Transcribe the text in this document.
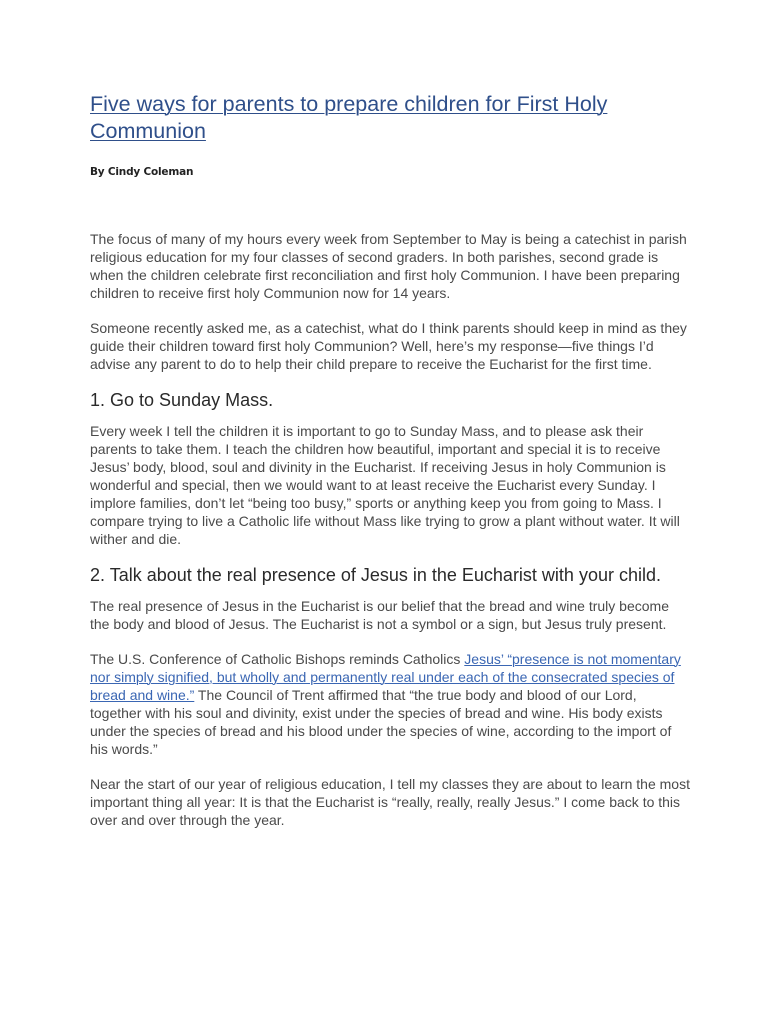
Five ways for parents to prepare children for First Holy Communion
By Cindy Coleman

The focus of many of my hours every week from September to May is being a catechist in parish religious education for my four classes of second graders. In both parishes, second grade is when the children celebrate first reconciliation and first holy Communion. I have been preparing children to receive first holy Communion now for 14 years.

Someone recently asked me, as a catechist, what do I think parents should keep in mind as they guide their children toward first holy Communion? Well, here’s my response—five things I’d advise any parent to do to help their child prepare to receive the Eucharist for the first time.

1. Go to Sunday Mass.

Every week I tell the children it is important to go to Sunday Mass, and to please ask their parents to take them. I teach the children how beautiful, important and special it is to receive Jesus’ body, blood, soul and divinity in the Eucharist. If receiving Jesus in holy Communion is wonderful and special, then we would want to at least receive the Eucharist every Sunday. I implore families, don’t let “being too busy,” sports or anything keep you from going to Mass. I compare trying to live a Catholic life without Mass like trying to grow a plant without water. It will wither and die.

2. Talk about the real presence of Jesus in the Eucharist with your child.

The real presence of Jesus in the Eucharist is our belief that the bread and wine truly become the body and blood of Jesus. The Eucharist is not a symbol or a sign, but Jesus truly present.

The U.S. Conference of Catholic Bishops reminds Catholics Jesus’ “presence is not momentary nor simply signified, but wholly and permanently real under each of the consecrated species of bread and wine.” The Council of Trent affirmed that “the true body and blood of our Lord, together with his soul and divinity, exist under the species of bread and wine. His body exists under the species of bread and his blood under the species of wine, according to the import of his words.”

Near the start of our year of religious education, I tell my classes they are about to learn the most important thing all year: It is that the Eucharist is “really, really, really Jesus.” I come back to this over and over through the year.
